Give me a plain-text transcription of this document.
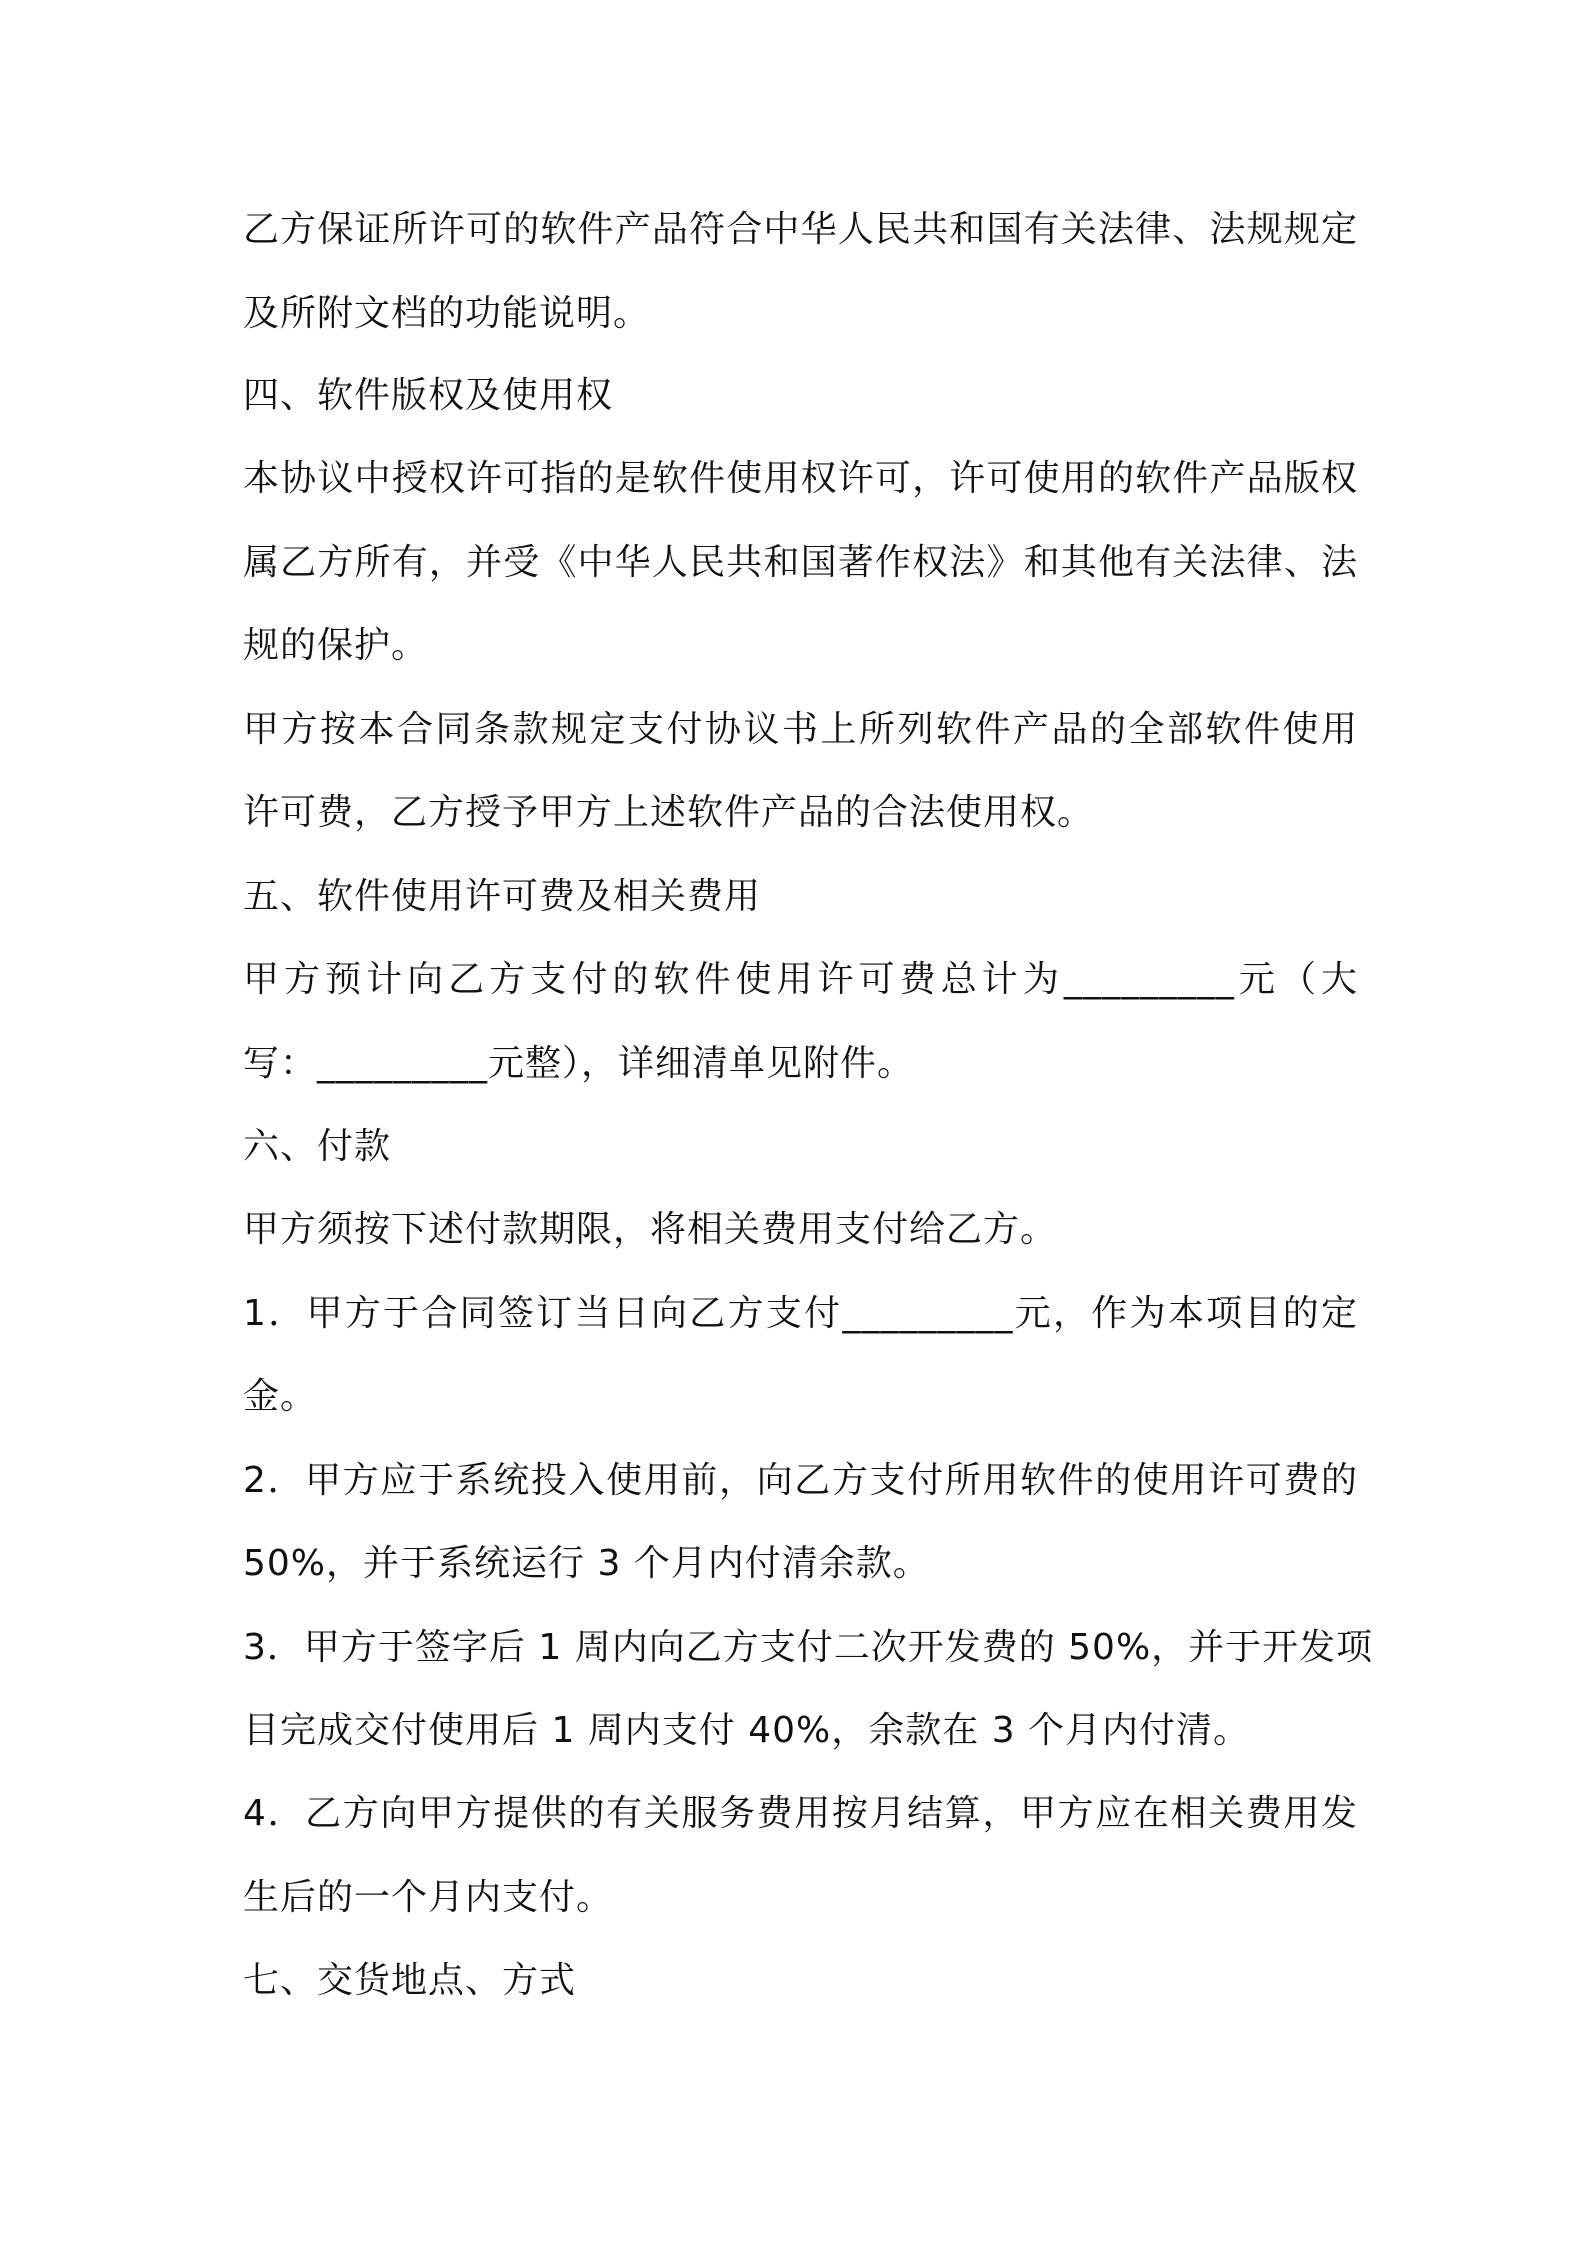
乙方保证所许可的软件产品符合中华人民共和国有关法律、法规规定
及所附文档的功能说明。
四、软件版权及使用权
本协议中授权许可指的是软件使用权许可，许可使用的软件产品版权
属乙方所有，并受《中华人民共和国著作权法》和其他有关法律、法
规的保护。
甲方按本合同条款规定支付协议书上所列软件产品的全部软件使用
许可费，乙方授予甲方上述软件产品的合法使用权。
五、软件使用许可费及相关费用
甲方预计向乙方支付的软件使用许可费总计为_________元（大
写：_________元整），详细清单见附件。
六、付款
甲方须按下述付款期限，将相关费用支付给乙方。
1．甲方于合同签订当日向乙方支付_________元，作为本项目的定
金。
2．甲方应于系统投入使用前，向乙方支付所用软件的使用许可费的
50%，并于系统运行 3 个月内付清余款。
3．甲方于签字后 1 周内向乙方支付二次开发费的 50%，并于开发项
目完成交付使用后 1 周内支付 40%，余款在 3 个月内付清。
4．乙方向甲方提供的有关服务费用按月结算，甲方应在相关费用发
生后的一个月内支付。
七、交货地点、方式
